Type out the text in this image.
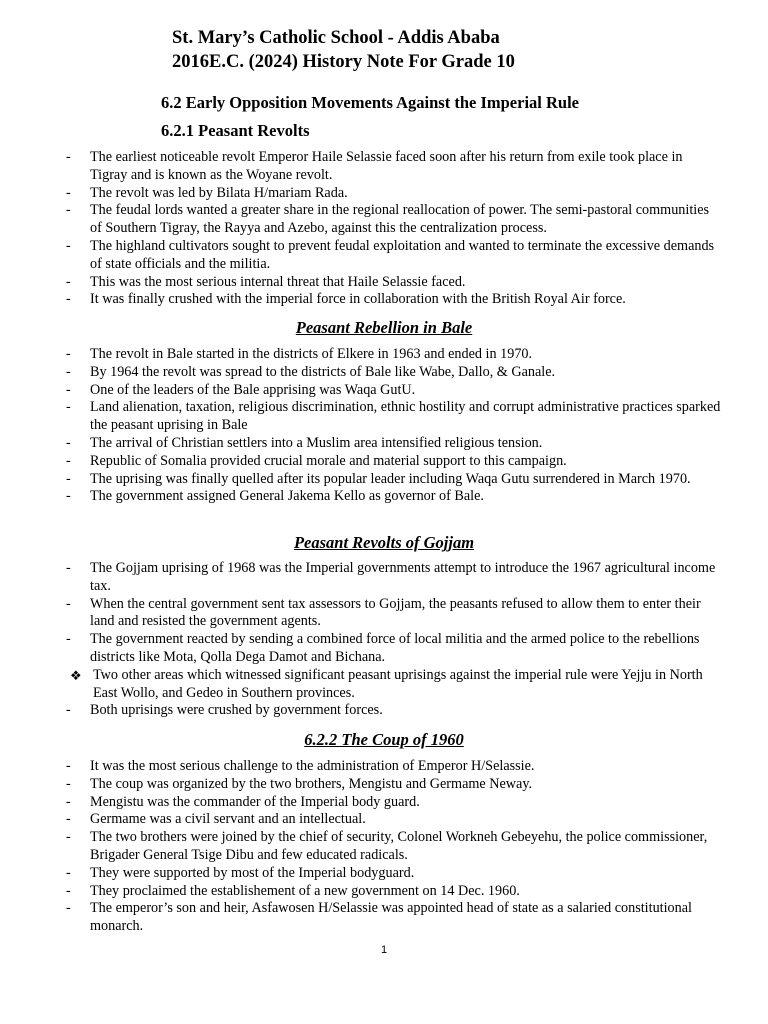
St. Mary’s Catholic School - Addis Ababa
2016E.C. (2024) History Note For Grade 10
6.2 Early Opposition Movements Against the Imperial Rule
6.2.1 Peasant Revolts
- The earliest noticeable revolt Emperor Haile Selassie faced soon after his return from exile took place in Tigray and is known as the Woyane revolt.
- The revolt was led by Bilata H/mariam Rada.
- The feudal lords wanted a greater share in the regional reallocation of power. The semi-pastoral communities of Southern Tigray, the Rayya and Azebo, against this the centralization process.
- The highland cultivators sought to prevent feudal exploitation and wanted to terminate the excessive demands of state officials and the militia.
- This was the most serious internal threat that Haile Selassie faced.
- It was finally crushed with the imperial force in collaboration with the British Royal Air force.
Peasant Rebellion in Bale
- The revolt in Bale started in the districts of Elkere in 1963 and ended in 1970.
- By 1964 the revolt was spread to the districts of Bale like Wabe, Dallo, & Ganale.
- One of the leaders of the Bale apprising was Waqa GutU.
- Land alienation, taxation, religious discrimination, ethnic hostility and corrupt administrative practices sparked the peasant uprising in Bale
- The arrival of Christian settlers into a Muslim area intensified religious tension.
- Republic of Somalia provided crucial morale and material support to this campaign.
- The uprising was finally quelled after its popular leader including Waqa Gutu surrendered in March 1970.
- The government assigned General Jakema Kello as governor of Bale.
Peasant Revolts of Gojjam
- The Gojjam uprising of 1968 was the Imperial governments attempt to introduce the 1967 agricultural income tax.
- When the central government sent tax assessors to Gojjam, the peasants refused to allow them to enter their land and resisted the government agents.
- The government reacted by sending a combined force of local militia and the armed police to the rebellions districts like Mota, Qolla Dega Damot and Bichana.
❖ Two other areas which witnessed significant peasant uprisings against the imperial rule were Yejju in North East Wollo, and Gedeo in Southern provinces.
- Both uprisings were crushed by government forces.
6.2.2 The Coup of 1960
- It was the most serious challenge to the administration of Emperor H/Selassie.
- The coup was organized by the two brothers, Mengistu and Germame Neway.
- Mengistu was the commander of the Imperial body guard.
- Germame was a civil servant and an intellectual.
- The two brothers were joined by the chief of security, Colonel Workneh Gebeyehu, the police commissioner, Brigader General Tsige Dibu and few educated radicals.
- They were supported by most of the Imperial bodyguard.
- They proclaimed the establishement of a new government on 14 Dec. 1960.
- The emperor’s son and heir, Asfawosen H/Selassie was appointed head of state as a salaried constitutional monarch.
1
